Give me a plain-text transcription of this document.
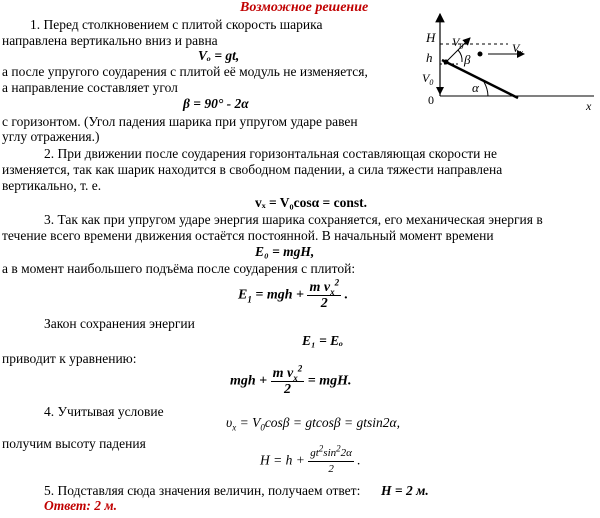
Возможное решение
1. Перед столкновением с плитой скорость шарика
направлена вертикально вниз и равна
Vₒ = gt,
а после упругого соударения с плитой её модуль не изменяется,
а направление составляет угол
β = 90° - 2α
с горизонтом. (Угол падения шарика при упругом ударе равен
углу отражения.)
2. При движении после соударения горизонтальная составляющая скорости не
изменяется, так как шарик находится в свободном падении, а сила тяжести направлена
вертикально, т. е.
vₓ = V₀cosα = const.
3. Так как при упругом ударе энергия шарика сохраняется, его механическая энергия в
течение всего времени движения остаётся постоянной. В начальный момент времени
E₀ = mgH,
а в момент наибольшего подъёма после соударения с плитой:
$E_1$ = mgh + $\frac{m v_x^2}{2}$ .
Закон сохранения энергии
E₁ = Eₒ
приводит к уравнению:
mgh + $\frac{m v_x^2}{2}$ = mgH.
4. Учитывая условие
$\upsilon_x = V_0\cos\beta = gtcos\beta = gtsin2\alpha$,
получим высоту падения
$H = h + \frac{gt^2\sin^22\alpha}{2}$ .
5. Подставляя сюда значения величин, получаем ответ: H = 2 м.
Ответ: 2 м.
H
h
$V_0$	$V_x$
$V_0$
β
α
0	x
